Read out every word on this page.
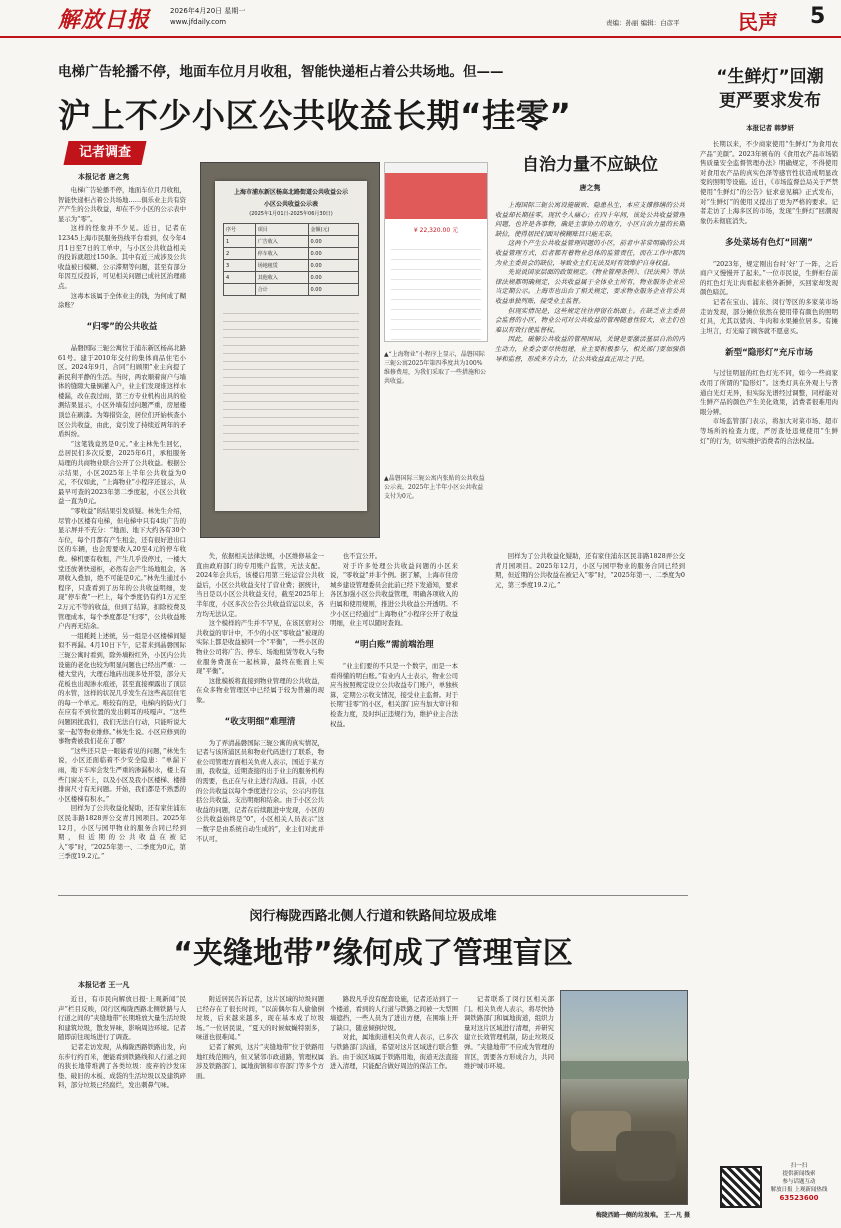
解放日报	2026年4月20日 星期一
www.jfdaily.com	责编：孙丽 编辑：白彦平	民声 5
电梯广告轮播不停，地面车位月月收租，智能快递柜占着公共场地。但——
沪上不少小区公共收益长期“挂零”
记者调查
本报记者 唐之隽

电梯广告轮播不停，地面车位月月收租，智能快递柜占着公共场地……俱乐业主共有资产产生的公共收益，却在不少小区的公示表中显示为“零”。

这样的怪象并不少见。近日，记者在12345上海市民服务热线平台看到，仅今年4月1日至7日的工单中，与小区公共收益相关的投诉就超过150条。其中有近三成涉及公共收益被日模糊、公示滞期等问题，甚至有部分年因互反投诉，可见相关问题已成社区治理痛点。

这毒本该属于全体业主的钱，为何成了糊涂账？

“归零”的公共收益

晶磐国际三轭公寓位于浦东新区杨高北路61号。建于2010年交付的集体商品住宅小区。2024年9月，合同“归顾期”业主向提了新民利平静的生活。当时，两农顺着窗户与墙体的缝隙大量倒灌入户，业主们发现谁这样水楼漏，改在我过雨，第三方专业机构出具的检测结果显示，小区外墙有过问题严重，房屋楼顶总在刷漆。为筹措资金，居位们开始核查小区公共收益，由此，竟引发了持续近两年的矛盾纠纷。

“这笔钱竟然是0元。”业主林先生回忆，总居民们多次反要，2025年6月，承租服务局理的共商物业联合公开了公共收益。根据公示结果，小区2025年上半年公共收益为0元，不仅如此，“上海物业”小程序还显示，从最早可查的2023年第二季度起，小区公共收益一直为0元。

“零收益”的结果引发质疑。林先生介绍，尽管小区楼有电梯，但电梯中只有4块广告的显示屏并不充分：“地面、地下大约各有30个车位，每个月都有产生租金，还有很好进出口区的车辆，也会需要收入20至4元的停车收费。梯机要有收租，产生几乎没停过，一楼大堂还放著快递柜，必然有会产生场地租金，各项收入叠加，绝不可能是0元。”林先生通过小程序，只查看到了历年的公共收益明细，发现“停车费”一栏上，每个季度仍有约1万元至2万元不等的收益，但到了结算，扣除校费及管理成本，每个季度都是“归零”，公共收益账户内再无结余。

一组耗耗上述统，另一组是小区楼梯间疑似不再漏。4月10日下午，记者来到晶磐国际三轭公寓时看到，除外墙粉红外，小区内公共设施的老化也较为明显问题也已经出严重：一楼大堂内，大理石地砖出现多处开裂，部分天花板也出现渗水痕迹，甚至直接裸露出了顶层的水管，这样的状况几乎发生在这些高层住宅的每一个单元。唯较有的是，电梯内的防火门在应有不到位置的发出刺耳的吱嘎声。“这些问题困扰我们，我们无法自行动，只能听说大家一起等物业维修。”林先生说。小区应修到的事物费被我们花在了哪？

“这些还只是一眼能看见的问题，”林先生说，小区还面临着不少安全隐患：“单漏下雨，地下车库会发生严重的渗漏积水，楼上有些门窗关不上，以及小区及我小区楼梯、楼排排窗尺寸有无问题。开始，我们都是不熟悉的小区楼梯有积水。”

回样为了公共收益化疑助，还有家住浦东区民非路1828弄公交青月园项目。2025年12月，小区与园甲物业的服务合同已经到期，但近期的公共收益在被记入“零”时，“2025年第一、二季度为0元，第三季度19.2元。”

上海市浦东新区杨高北路街道公共收益公示
小区公共收益公示表
(2025年1月01日-2025年06月30日)
序号	项目	金额(元)
1	广告收入	0.00
2	停车收入	0.00
3	场地租赁	0.00
4	其他收入	0.00
	合计	0.00
¥ 22,320.00 元
▲“上海物业”小程序上显示，晶磐国际三轭公寓2025年第四季度共为100%维修费用，为我们采取了一些措施和公共收益。
▲晶磐国际三轭公寓内张贴的公共收益公示表，2025年上半年小区公共收益支付为0元。

失，依据相关法律法规，小区维修基金一直由政府部门的专用账户监管，无法支配。2024年会共后，该楼启用第三轮运营公共收益后，小区公共收益支付了营业费；据统计，当日是以小区公共收益支付，截至2025年上半年度，小区多次公告公共收益营运以来，各方均无法认定。

这个模样的产生并不罕见，在该区宿对公共收益的审计中，不少的小区“零收益”被现的实际上都是收益被同一个“平衡”，一些小区的物业公司将广告、停车、场地租赁等收入与物业服务费混在一起核算，最终在账面上实现“平衡”。

这批模板将直接到物业管理的公共收益，在众多物业管理区中已经属于较为普遍的现象。

“收支明细”难理清

为了弄清晶磐国际三轭公寓的真实情况，记者与该所浦区员和物业代码进行了联系，物业公司管理方面相关负责人表示，国近于某方面，我收益，近期查接的出于业主的服务机构的需要，也正在与业主进行沟通。目前，小区的公共收益以每个季度进行公示，公示内容包括公共收益、支出明细和结余。由于小区公共收益的问题，记者在后续跟进中发现，小区的公共收益始终是“0”，小区相关人员表示“这一数字是由系统自动生成的”，业主们对此并不认可。

也不宜公开。

对于许多处理公共收益问题的小区来说，“零收益”并非个例。据了解，上海市住房城乡建设管理委员会此前已经下发通知，要求各区加强小区公共收益管理，明确各项收入的归属和使用规则，推进公共收益公开透明。不少小区已经通过“上海物业”小程序公开了收益明细，业主可以随时查询。

“明白账”需前端治理

“业主们要的不只是一个数字，而是一本看得懂的明白账。”有业内人士表示，物业公司应当按照规定设立公共收益专门账户，单独核算，定期公示收支情况，接受业主监督。对于长期“挂零”的小区，相关部门应当加大审计和检查力度，及时纠正违规行为，维护业主合法权益。

自治力量不应缺位
唐之隽

上海国际三轭公寓设施破败、隐患丛生，本应支撑修缮的公共收益却长期挂零。现状令人痛心；在四十年间，该处公共收益管理问题，也许是各事物，确是主事协力的地方，小区自治力量的长期缺位，使得居民们面对模糊账目只能无奈。

这两个产生公共收益管理问题的小区，前者中非常明确的公共收益管理方式，后者都有着物业总体的监管责任，而在工作中都因为业主委员会的缺位，导致业主们无法及时有效维护自身权益。

先说说国家层面的政策规定。《物业管理条例》、《民法典》等法律法规都明确规定，公共收益属于全体业主所有，物业服务企业应当定期公示。上海市也出台了相关规定，要求物业服务企业将公共收益单独列账，接受业主监督。

但现实情况是，这些规定往往停留在纸面上。在缺乏业主委员会监督的小区，物业公司对公共收益的管理随意性较大，业主们也难以有效行使监督权。

因此，破解公共收益的管理困局，关键是要激活基层自治的内生动力，业委会要尽快组建，业主要积极参与，相关部门要加强指导和监督，形成多方合力，让公共收益真正用之于民。

回样为了公共收益化疑助，还有家住浦东区民非路1828弄公交青月园项目。2025年12月，小区与园甲物业的服务合同已经到期，但近期的公共收益在被记入“零”时，“2025年第一、二季度为0元，第三季度19.2元。”

“生鲜灯”回潮
更严要求发布
本报记者 韩梦妍

长期以来，不少商家使用“生鲜灯”为食用农产品“美颜”。2023年颁布的《食用农产品市场销售质量安全监督管理办法》明确规定，不得使用对食用农产品的真实色泽等感官性状造成明显改变的照明等设施。近日，《市场监督总局关于严禁使用“生鲜灯”的公告》征求意见稿》正式发布，对“生鲜灯”的使用又提出了更为严格的要求。记者走访了上海多区的市场，发现“生鲜灯”回潮现象仍未彻底消失。

多处菜场有色灯“回潮”

“2023年，规定刚出台时‘好’了一阵，之后商户又慢慢开了起来。”一位市民说，生鲜柜台前的红色灯光让肉看起来格外新鲜，买回家却发现颜色暗沉。

记者在宝山、浦东、闵行等区的多家菜市场走访发现，部分摊位依然在使用带有颜色的照明灯具，尤其以猪肉、牛肉和水果摊位居多。有摊主坦言，灯光暗了顾客就不愿意买。

新型“隐形灯”充斥市场

与过往明显的红色灯光不同，如今一些商家改用了所谓的“隐形灯”。这类灯具在外观上与普通白光灯无异，但实际光谱经过调整，同样能对生鲜产品的颜色产生美化效果，消费者很难用肉眼分辨。

市场监管部门表示，将加大对菜市场、超市等场所的检查力度，严厉查处违规使用“生鲜灯”的行为，切实维护消费者的合法权益。

扫一扫
提供新闻线索
参与话题互动
解放日报 上观新闻热线
63523600
闵行梅陇西路北侧人行道和铁路间垃圾成堆
“夹缝地带”缘何成了管理盲区
本报记者 王一凡

近日，有市民向解放日报·上观新闻“民声”栏目反映，闵行区梅陇西路北侧铁路与人行道之间的“夹缝地带”长期堆放大量生活垃圾和建筑垃圾，散发异味，影响周边环境。记者随即前往现场进行了调查。

记者走访发现，从梅陇西路铁路出发，向东步行约百米，便能看到铁路线和人行道之间的狭长地带堆满了各类垃圾：废弃的沙发床垫、破旧的木板、成袋的生活垃圾以及建筑碎料，部分垃圾已经腐烂，发出刺鼻气味。

附近居民告诉记者，这片区域的垃圾问题已经存在了很长时间，“以前偶尔有人偷偷倒垃圾，后来越来越多，现在基本成了垃圾场。”一位居民说，“夏天的时候蚊蝇特别多，味道也很难闻。”

记者了解到，这片“夹缝地带”位于铁路用地红线范围内，但又紧邻市政道路，管理权属涉及铁路部门、属地街镇和市容部门等多个方面。

路段凡乎没有配套设施，记者还站到了一个楼道，看到的人行道与铁路之间被一大型围墙遮挡，一些人员为了进出方便，在围墙上开了缺口，随意倾倒垃圾。

对此，属地街道相关负责人表示，已多次与铁路部门沟通，希望对这片区域进行联合整治。由于该区域属于铁路用地，街道无法直接进入清理，只能配合做好周边的保洁工作。

记者联系了闵行区相关部门。相关负责人表示，将尽快协调铁路部门和属地街道，组织力量对这片区域进行清理，并研究建立长效管理机制，防止垃圾反弹。“夹缝地带”不应成为管理的盲区，需要各方形成合力，共同维护城市环境。

梅陇西路一侧的垃圾堆。 王一凡 摄
